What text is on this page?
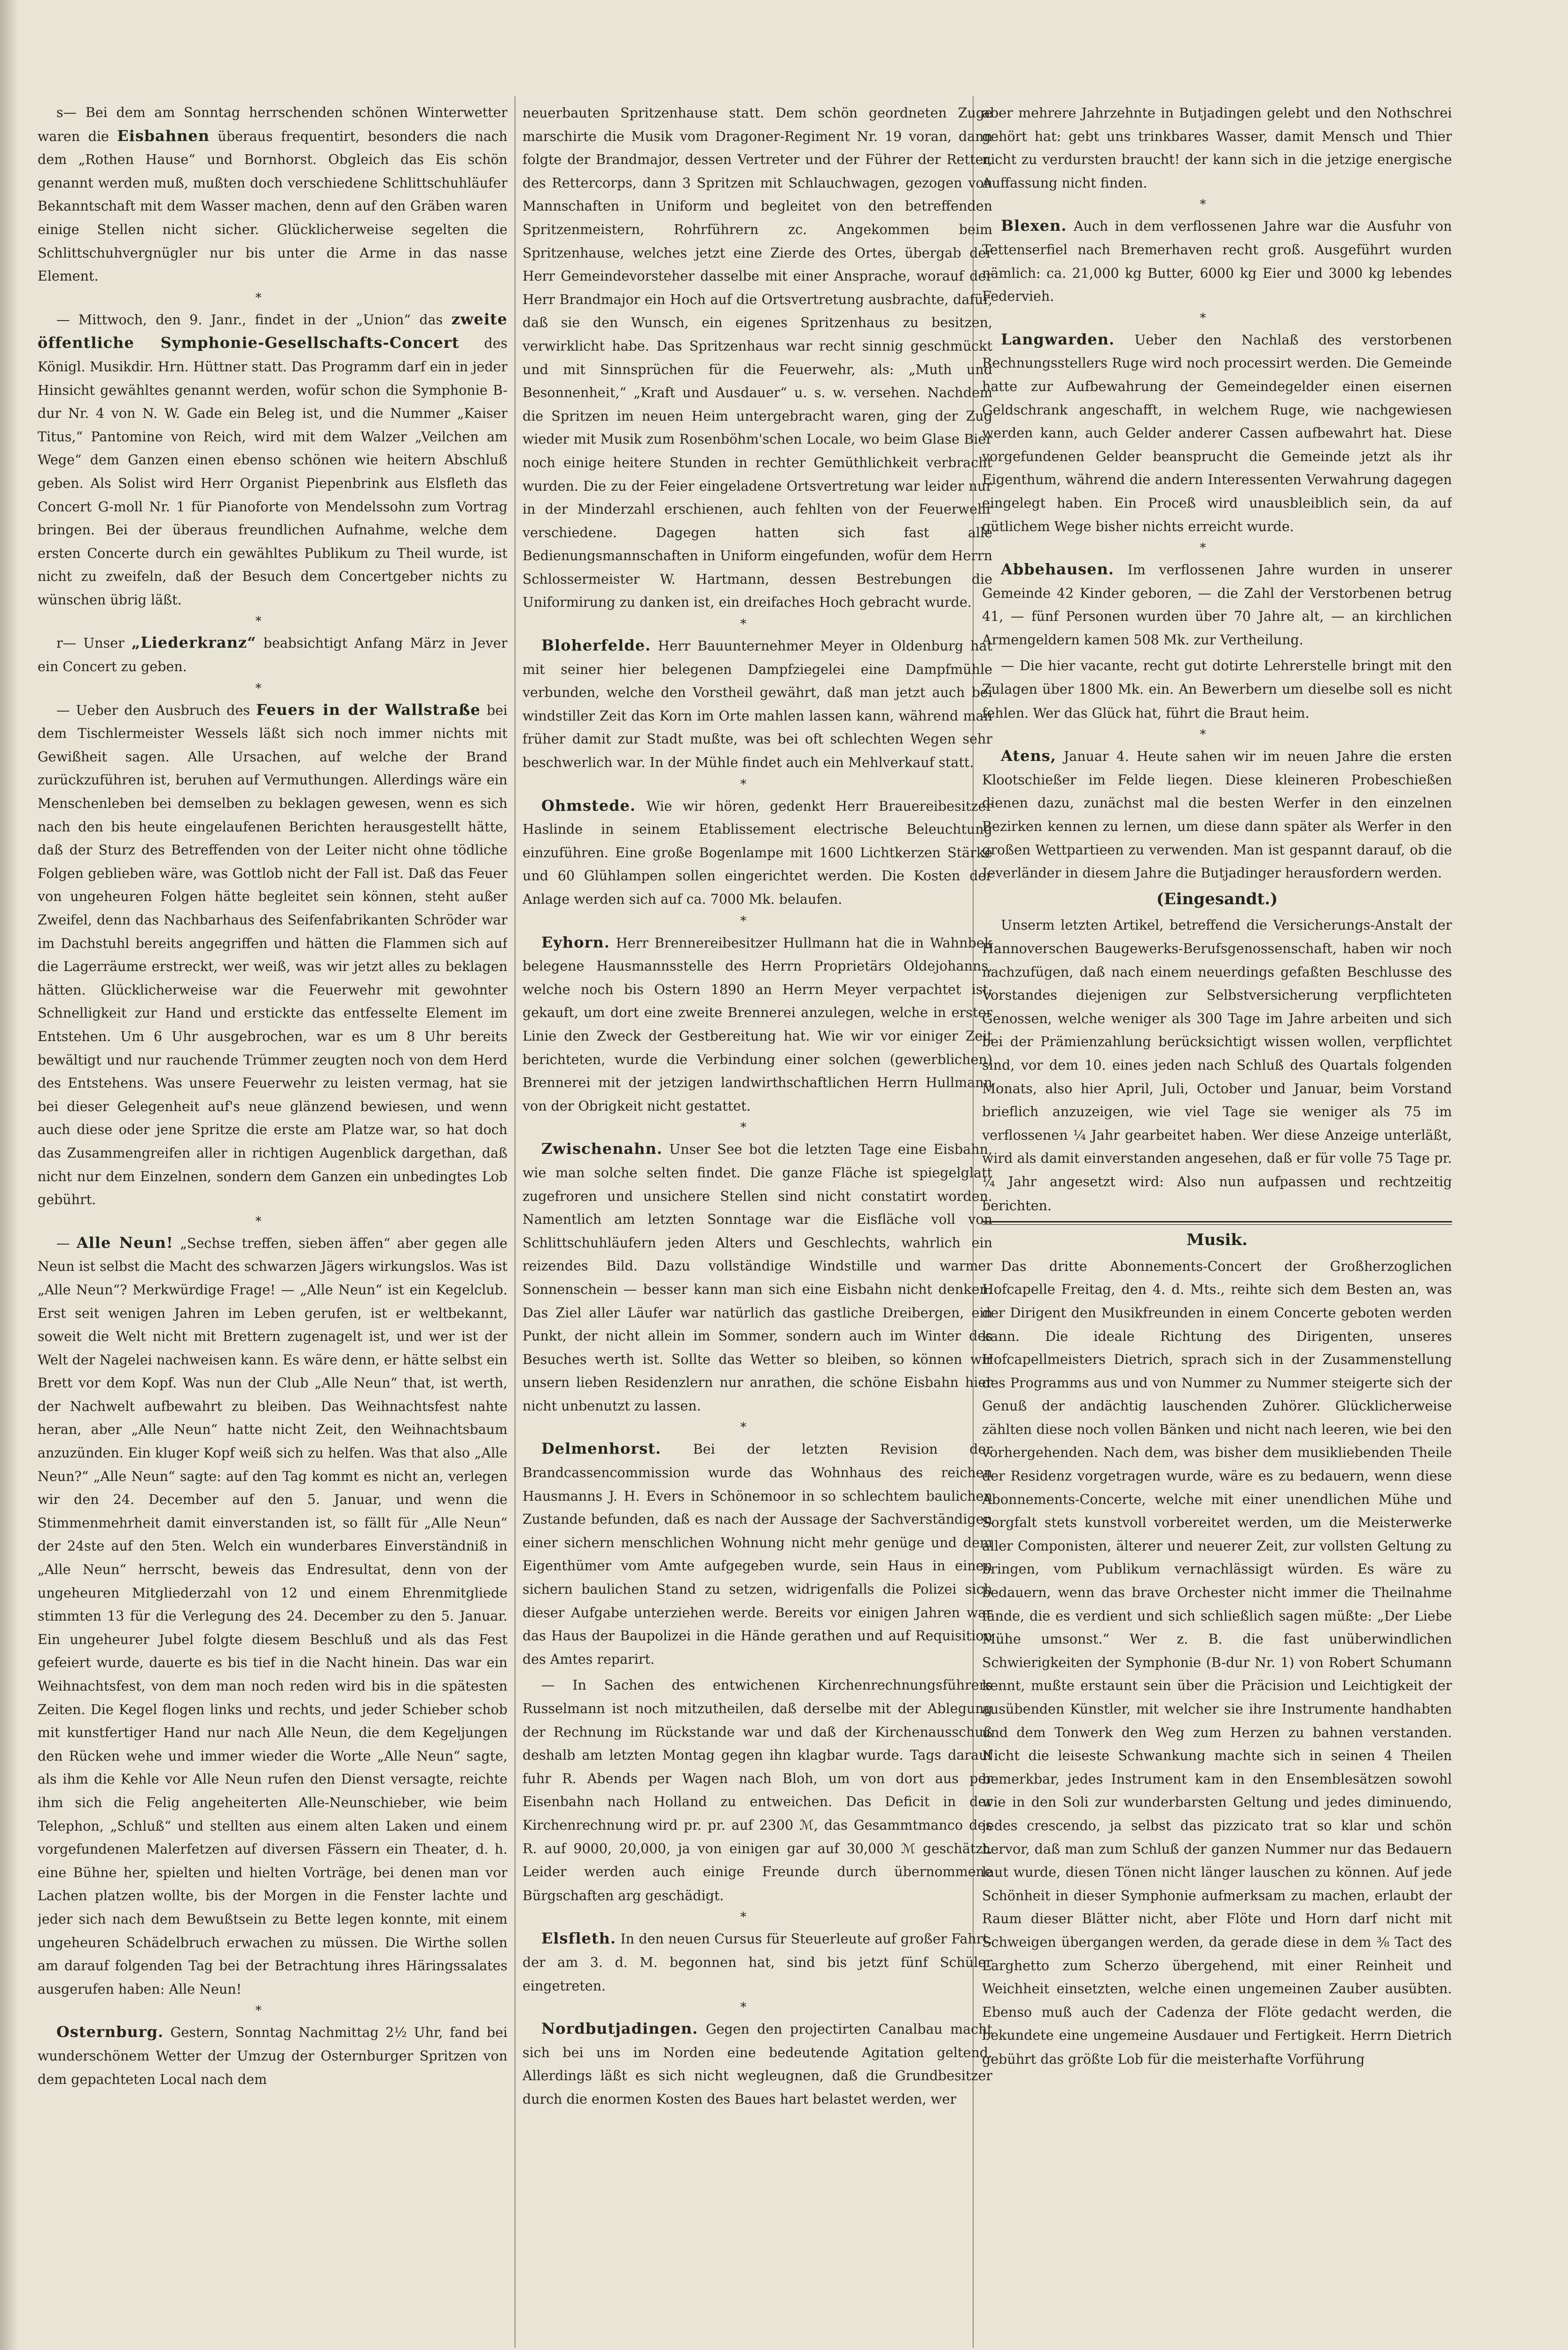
s— Bei dem am Sonntag herrschenden schönen Winterwetter waren die Eisbahnen überaus frequentirt, besonders die nach dem „Rothen Hause“ und Bornhorst. Obgleich das Eis schön genannt werden muß, mußten doch verschiedene Schlittschuhläufer Bekanntschaft mit dem Wasser machen, denn auf den Gräben waren einige Stellen nicht sicher. Glücklicherweise segelten die Schlittschuhvergnügler nur bis unter die Arme in das nasse Element.

*

— Mittwoch, den 9. Janr., findet in der „Union“ das zweite öffentliche Symphonie-Gesellschafts-Concert des Königl. Musikdir. Hrn. Hüttner statt. Das Programm darf ein in jeder Hinsicht gewähltes genannt werden, wofür schon die Symphonie B-dur Nr. 4 von N. W. Gade ein Beleg ist, und die Nummer „Kaiser Titus,“ Pantomine von Reich, wird mit dem Walzer „Veilchen am Wege“ dem Ganzen einen ebenso schönen wie heitern Abschluß geben. Als Solist wird Herr Organist Piepenbrink aus Elsfleth das Concert G-moll Nr. 1 für Pianoforte von Mendelssohn zum Vortrag bringen. Bei der überaus freundlichen Aufnahme, welche dem ersten Concerte durch ein gewähltes Publikum zu Theil wurde, ist nicht zu zweifeln, daß der Besuch dem Concertgeber nichts zu wünschen übrig läßt.

*

r— Unser „Liederkranz“ beabsichtigt Anfang März in Jever ein Concert zu geben.

*

— Ueber den Ausbruch des Feuers in der Wallstraße bei dem Tischlermeister Wessels läßt sich noch immer nichts mit Gewißheit sagen. Alle Ursachen, auf welche der Brand zurückzuführen ist, beruhen auf Vermuthungen. Allerdings wäre ein Menschenleben bei demselben zu beklagen gewesen, wenn es sich nach den bis heute eingelaufenen Berichten herausgestellt hätte, daß der Sturz des Betreffenden von der Leiter nicht ohne tödliche Folgen geblieben wäre, was Gottlob nicht der Fall ist. Daß das Feuer von ungeheuren Folgen hätte begleitet sein können, steht außer Zweifel, denn das Nachbarhaus des Seifenfabrikanten Schröder war im Dachstuhl bereits angegriffen und hätten die Flammen sich auf die Lagerräume erstreckt, wer weiß, was wir jetzt alles zu beklagen hätten. Glücklicherweise war die Feuerwehr mit gewohnter Schnelligkeit zur Hand und erstickte das entfesselte Element im Entstehen. Um 6 Uhr ausgebrochen, war es um 8 Uhr bereits bewältigt und nur rauchende Trümmer zeugten noch von dem Herd des Entstehens. Was unsere Feuerwehr zu leisten vermag, hat sie bei dieser Gelegenheit auf's neue glänzend bewiesen, und wenn auch diese oder jene Spritze die erste am Platze war, so hat doch das Zusammengreifen aller in richtigen Augenblick dargethan, daß nicht nur dem Einzelnen, sondern dem Ganzen ein unbedingtes Lob gebührt.

*

— Alle Neun! „Sechse treffen, sieben äffen“ aber gegen alle Neun ist selbst die Macht des schwarzen Jägers wirkungslos. Was ist „Alle Neun“? Merkwürdige Frage! — „Alle Neun“ ist ein Kegelclub. Erst seit wenigen Jahren im Leben gerufen, ist er weltbekannt, soweit die Welt nicht mit Brettern zugenagelt ist, und wer ist der Welt der Nagelei nachweisen kann. Es wäre denn, er hätte selbst ein Brett vor dem Kopf. Was nun der Club „Alle Neun“ that, ist werth, der Nachwelt aufbewahrt zu bleiben. Das Weihnachtsfest nahte heran, aber „Alle Neun“ hatte nicht Zeit, den Weihnachtsbaum anzuzünden. Ein kluger Kopf weiß sich zu helfen. Was that also „Alle Neun?“ „Alle Neun“ sagte: auf den Tag kommt es nicht an, verlegen wir den 24. December auf den 5. Januar, und wenn die Stimmenmehrheit damit einverstanden ist, so fällt für „Alle Neun“ der 24ste auf den 5ten. Welch ein wunderbares Einverständniß in „Alle Neun“ herrscht, beweis das Endresultat, denn von der ungeheuren Mitgliederzahl von 12 und einem Ehrenmitgliede stimmten 13 für die Verlegung des 24. December zu den 5. Januar. Ein ungeheurer Jubel folgte diesem Beschluß und als das Fest gefeiert wurde, dauerte es bis tief in die Nacht hinein. Das war ein Weihnachtsfest, von dem man noch reden wird bis in die spätesten Zeiten. Die Kegel flogen links und rechts, und jeder Schieber schob mit kunstfertiger Hand nur nach Alle Neun, die dem Kegeljungen den Rücken wehe und immer wieder die Worte „Alle Neun“ sagte, als ihm die Kehle vor Alle Neun rufen den Dienst versagte, reichte ihm sich die Felig angeheiterten Alle-Neunschieber, wie beim Telephon, „Schluß“ und stellten aus einem alten Laken und einem vorgefundenen Malerfetzen auf diversen Fässern ein Theater, d. h. eine Bühne her, spielten und hielten Vorträge, bei denen man vor Lachen platzen wollte, bis der Morgen in die Fenster lachte und jeder sich nach dem Bewußtsein zu Bette legen konnte, mit einem ungeheuren Schädelbruch erwachen zu müssen. Die Wirthe sollen am darauf folgenden Tag bei der Betrachtung ihres Häringssalates ausgerufen haben: Alle Neun!

*

Osternburg. Gestern, Sonntag Nachmittag 2½ Uhr, fand bei wunderschönem Wetter der Umzug der Osternburger Spritzen von dem gepachteten Local nach dem

neuerbauten Spritzenhause statt. Dem schön geordneten Zuge marschirte die Musik vom Dragoner-Regiment Nr. 19 voran, dann folgte der Brandmajor, dessen Vertreter und der Führer der Retter, des Rettercorps, dann 3 Spritzen mit Schlauchwagen, gezogen von Mannschaften in Uniform und begleitet von den betreffenden Spritzenmeistern, Rohrführern zc. Angekommen beim Spritzenhause, welches jetzt eine Zierde des Ortes, übergab der Herr Gemeindevorsteher dasselbe mit einer Ansprache, worauf der Herr Brandmajor ein Hoch auf die Ortsvertretung ausbrachte, dafür, daß sie den Wunsch, ein eigenes Spritzenhaus zu besitzen, verwirklicht habe. Das Spritzenhaus war recht sinnig geschmückt und mit Sinnsprüchen für die Feuerwehr, als: „Muth und Besonnenheit,“ „Kraft und Ausdauer“ u. s. w. versehen. Nachdem die Spritzen im neuen Heim untergebracht waren, ging der Zug wieder mit Musik zum Rosenböhm'schen Locale, wo beim Glase Bier noch einige heitere Stunden in rechter Gemüthlichkeit verbracht wurden. Die zu der Feier eingeladene Ortsvertretung war leider nur in der Minderzahl erschienen, auch fehlten von der Feuerwehr verschiedene. Dagegen hatten sich fast alle Bedienungsmannschaften in Uniform eingefunden, wofür dem Herrn Schlossermeister W. Hartmann, dessen Bestrebungen die Uniformirung zu danken ist, ein dreifaches Hoch gebracht wurde.

*

Bloherfelde. Herr Bauunternehmer Meyer in Oldenburg hat mit seiner hier belegenen Dampfziegelei eine Dampfmühle verbunden, welche den Vorstheil gewährt, daß man jetzt auch bei windstiller Zeit das Korn im Orte mahlen lassen kann, während man früher damit zur Stadt mußte, was bei oft schlechten Wegen sehr beschwerlich war. In der Mühle findet auch ein Mehlverkauf statt.

*

Ohmstede. Wie wir hören, gedenkt Herr Brauereibesitzer Haslinde in seinem Etablissement electrische Beleuchtung einzuführen. Eine große Bogenlampe mit 1600 Lichtkerzen Stärke und 60 Glühlampen sollen eingerichtet werden. Die Kosten der Anlage werden sich auf ca. 7000 Mk. belaufen.

*

Eyhorn. Herr Brennereibesitzer Hullmann hat die in Wahnbek belegene Hausmannsstelle des Herrn Proprietärs Oldejohanns, welche noch bis Ostern 1890 an Herrn Meyer verpachtet ist, gekauft, um dort eine zweite Brennerei anzulegen, welche in erster Linie den Zweck der Gestbereitung hat. Wie wir vor einiger Zeit berichteten, wurde die Verbindung einer solchen (gewerblichen) Brennerei mit der jetzigen landwirthschaftlichen Herrn Hullmann von der Obrigkeit nicht gestattet.

*

Zwischenahn. Unser See bot die letzten Tage eine Eisbahn, wie man solche selten findet. Die ganze Fläche ist spiegelglatt zugefroren und unsichere Stellen sind nicht constatirt worden. Namentlich am letzten Sonntage war die Eisfläche voll von Schlittschuhläufern jeden Alters und Geschlechts, wahrlich ein reizendes Bild. Dazu vollständige Windstille und warmer Sonnenschein — besser kann man sich eine Eisbahn nicht denken. Das Ziel aller Läufer war natürlich das gastliche Dreibergen, ein Punkt, der nicht allein im Sommer, sondern auch im Winter des Besuches werth ist. Sollte das Wetter so bleiben, so können wir unsern lieben Residenzlern nur anrathen, die schöne Eisbahn hier nicht unbenutzt zu lassen.

*

Delmenhorst. Bei der letzten Revision der Brandcassencommission wurde das Wohnhaus des reichen Hausmanns J. H. Evers in Schönemoor in so schlechtem baulichen Zustande befunden, daß es nach der Aussage der Sachverständigen einer sichern menschlichen Wohnung nicht mehr genüge und dem Eigenthümer vom Amte aufgegeben wurde, sein Haus in einen sichern baulichen Stand zu setzen, widrigenfalls die Polizei sich dieser Aufgabe unterziehen werde. Bereits vor einigen Jahren war das Haus der Baupolizei in die Hände gerathen und auf Requisition des Amtes reparirt.

— In Sachen des entwichenen Kirchenrechnungsführers Russelmann ist noch mitzutheilen, daß derselbe mit der Ablegung der Rechnung im Rückstande war und daß der Kirchenausschuß deshalb am letzten Montag gegen ihn klagbar wurde. Tags darauf fuhr R. Abends per Wagen nach Bloh, um von dort aus per Eisenbahn nach Holland zu entweichen. Das Deficit in der Kirchenrechnung wird pr. pr. auf 2300 ℳ, das Gesammtmanco des R. auf 9000, 20,000, ja von einigen gar auf 30,000 ℳ geschätzt. Leider werden auch einige Freunde durch übernommene Bürgschaften arg geschädigt.

*

Elsfleth. In den neuen Cursus für Steuerleute auf großer Fahrt, der am 3. d. M. begonnen hat, sind bis jetzt fünf Schüler eingetreten.

*

Nordbutjadingen. Gegen den projectirten Canalbau macht sich bei uns im Norden eine bedeutende Agitation geltend. Allerdings läßt es sich nicht wegleugnen, daß die Grundbesitzer durch die enormen Kosten des Baues hart belastet werden, wer

aber mehrere Jahrzehnte in Butjadingen gelebt und den Nothschrei gehört hat: gebt uns trinkbares Wasser, damit Mensch und Thier nicht zu verdursten braucht! der kann sich in die jetzige energische Auffassung nicht finden.

*

Blexen. Auch in dem verflossenen Jahre war die Ausfuhr von Tettenserfiel nach Bremerhaven recht groß. Ausgeführt wurden nämlich: ca. 21,000 kg Butter, 6000 kg Eier und 3000 kg lebendes Federvieh.

*

Langwarden. Ueber den Nachlaß des verstorbenen Rechnungsstellers Ruge wird noch processirt werden. Die Gemeinde hatte zur Aufbewahrung der Gemeindegelder einen eisernen Geldschrank angeschafft, in welchem Ruge, wie nachgewiesen werden kann, auch Gelder anderer Cassen aufbewahrt hat. Diese vorgefundenen Gelder beansprucht die Gemeinde jetzt als ihr Eigenthum, während die andern Interessenten Verwahrung dagegen eingelegt haben. Ein Proceß wird unausbleiblich sein, da auf gütlichem Wege bisher nichts erreicht wurde.

*

Abbehausen. Im verflossenen Jahre wurden in unserer Gemeinde 42 Kinder geboren, — die Zahl der Verstorbenen betrug 41, — fünf Personen wurden über 70 Jahre alt, — an kirchlichen Armengeldern kamen 508 Mk. zur Vertheilung.

— Die hier vacante, recht gut dotirte Lehrerstelle bringt mit den Zulagen über 1800 Mk. ein. An Bewerbern um dieselbe soll es nicht fehlen. Wer das Glück hat, führt die Braut heim.

*

Atens, Januar 4. Heute sahen wir im neuen Jahre die ersten Klootschießer im Felde liegen. Diese kleineren Probeschießen dienen dazu, zunächst mal die besten Werfer in den einzelnen Bezirken kennen zu lernen, um diese dann später als Werfer in den großen Wettpartieen zu verwenden. Man ist gespannt darauf, ob die Jeverländer in diesem Jahre die Butjadinger herausfordern werden.

(Eingesandt.)

Unserm letzten Artikel, betreffend die Versicherungs-Anstalt der Hannoverschen Baugewerks-Berufsgenossenschaft, haben wir noch nachzufügen, daß nach einem neuerdings gefaßten Beschlusse des Vorstandes diejenigen zur Selbstversicherung verpflichteten Genossen, welche weniger als 300 Tage im Jahre arbeiten und sich bei der Prämienzahlung berücksichtigt wissen wollen, verpflichtet sind, vor dem 10. eines jeden nach Schluß des Quartals folgenden Monats, also hier April, Juli, October und Januar, beim Vorstand brieflich anzuzeigen, wie viel Tage sie weniger als 75 im verflossenen ¼ Jahr gearbeitet haben. Wer diese Anzeige unterläßt, wird als damit einverstanden angesehen, daß er für volle 75 Tage pr. ¼ Jahr angesetzt wird: Also nun aufpassen und rechtzeitig berichten.

Musik.

Das dritte Abonnements-Concert der Großherzoglichen Hofcapelle Freitag, den 4. d. Mts., reihte sich dem Besten an, was der Dirigent den Musikfreunden in einem Concerte geboten werden kann. Die ideale Richtung des Dirigenten, unseres Hofcapellmeisters Dietrich, sprach sich in der Zusammenstellung des Programms aus und von Nummer zu Nummer steigerte sich der Genuß der andächtig lauschenden Zuhörer. Glücklicherweise zählten diese noch vollen Bänken und nicht nach leeren, wie bei den vorhergehenden. Nach dem, was bisher dem musikliebenden Theile der Residenz vorgetragen wurde, wäre es zu bedauern, wenn diese Abonnements-Concerte, welche mit einer unendlichen Mühe und Sorgfalt stets kunstvoll vorbereitet werden, um die Meisterwerke aller Componisten, älterer und neuerer Zeit, zur vollsten Geltung zu bringen, vom Publikum vernachlässigt würden. Es wäre zu bedauern, wenn das brave Orchester nicht immer die Theilnahme fände, die es verdient und sich schließlich sagen müßte: „Der Liebe Mühe umsonst.“ Wer z. B. die fast unüberwindlichen Schwierigkeiten der Symphonie (B-dur Nr. 1) von Robert Schumann kennt, mußte erstaunt sein über die Präcision und Leichtigkeit der ausübenden Künstler, mit welcher sie ihre Instrumente handhabten und dem Tonwerk den Weg zum Herzen zu bahnen verstanden. Nicht die leiseste Schwankung machte sich in seinen 4 Theilen bemerkbar, jedes Instrument kam in den Ensemblesätzen sowohl wie in den Soli zur wunderbarsten Geltung und jedes diminuendo, jedes crescendo, ja selbst das pizzicato trat so klar und schön hervor, daß man zum Schluß der ganzen Nummer nur das Bedauern laut wurde, diesen Tönen nicht länger lauschen zu können. Auf jede Schönheit in dieser Symphonie aufmerksam zu machen, erlaubt der Raum dieser Blätter nicht, aber Flöte und Horn darf nicht mit Schweigen übergangen werden, da gerade diese in dem ³⁄₈ Tact des Larghetto zum Scherzo übergehend, mit einer Reinheit und Weichheit einsetzten, welche einen ungemeinen Zauber ausübten. Ebenso muß auch der Cadenza der Flöte gedacht werden, die bekundete eine ungemeine Ausdauer und Fertigkeit. Herrn Dietrich gebührt das größte Lob für die meisterhafte Vorführung
